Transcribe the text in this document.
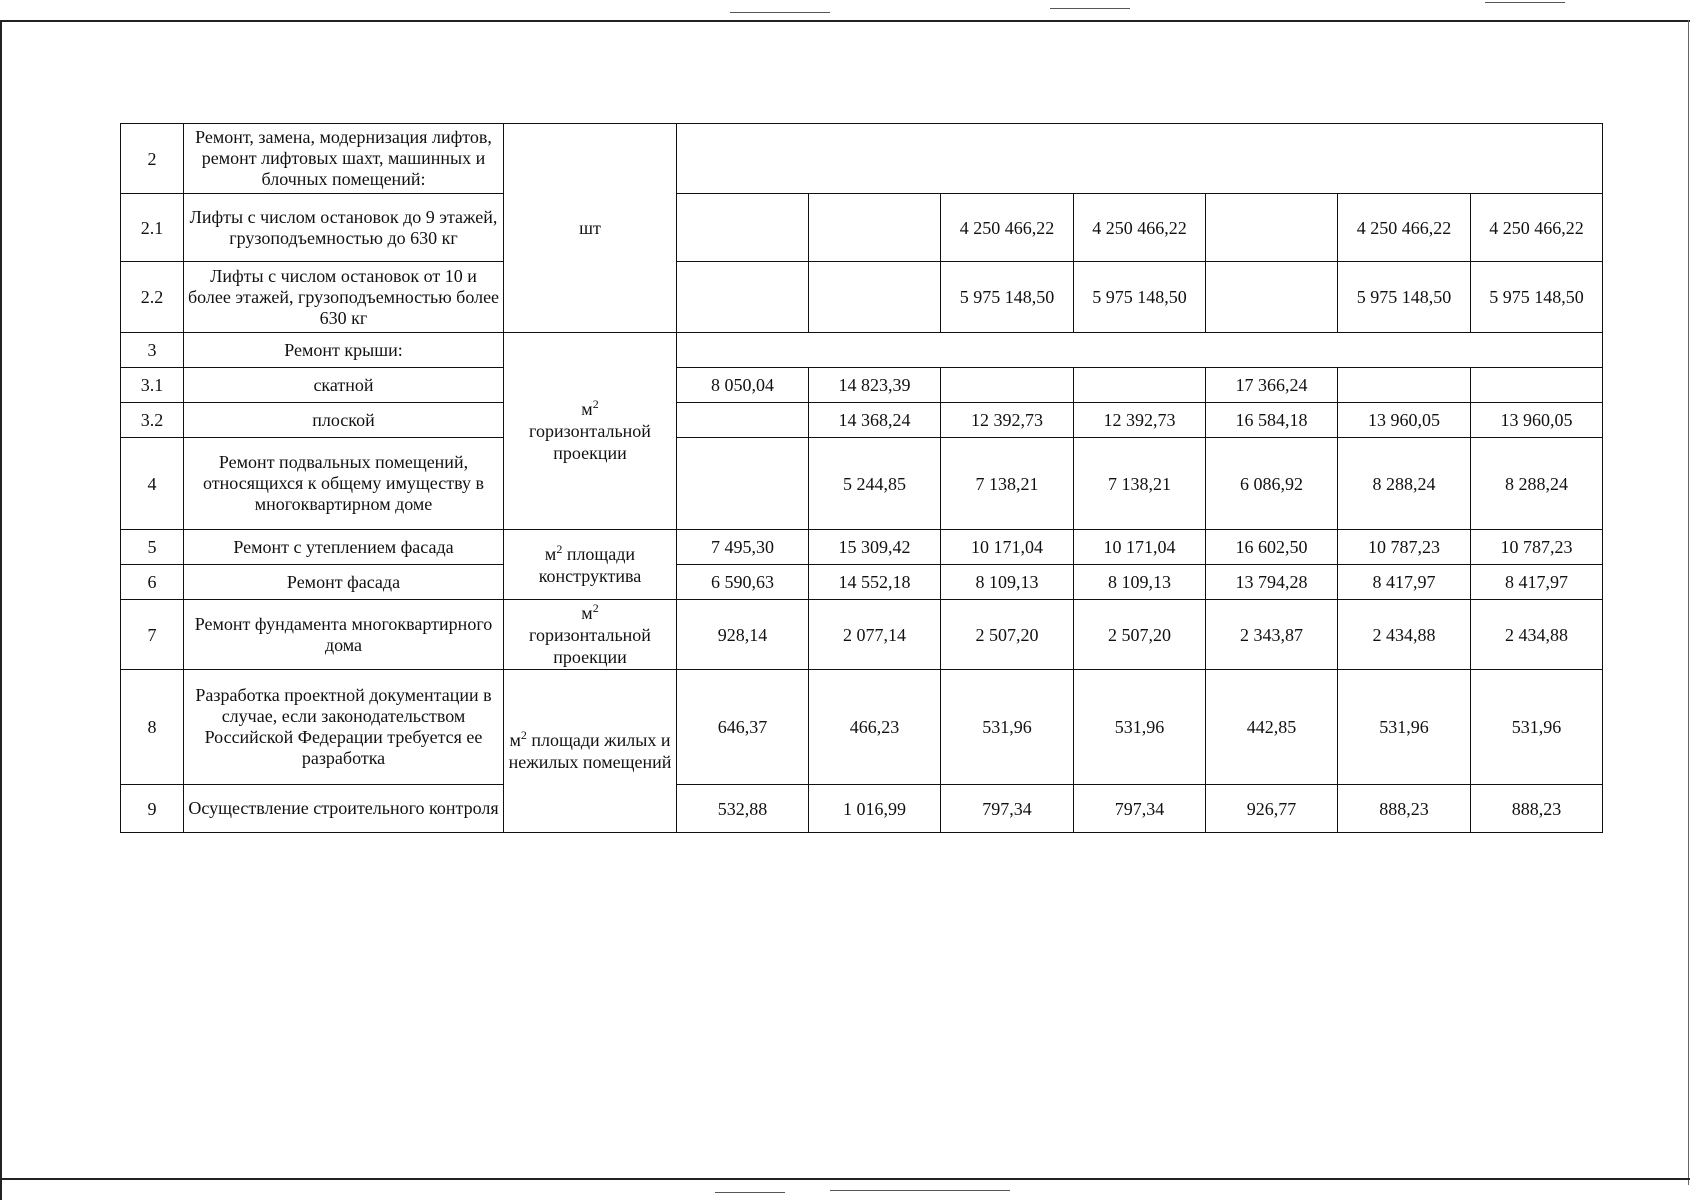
2	Ремонт, замена, модернизация лифтов, ремонт лифтовых шахт, машинных и блочных помещений:	шт							
2.1	Лифты с числом остановок до 9 этажей, грузоподъемностью до 630 кг				4 250 466,22	4 250 466,22		4 250 466,22	4 250 466,22
2.2	Лифты с числом остановок от 10 и более этажей, грузоподъемностью более 630 кг				5 975 148,50	5 975 148,50		5 975 148,50	5 975 148,50
3	Ремонт крыши:	$м^2$
горизонтальной проекции							
3.1	скатной		8 050,04	14 823,39			17 366,24		
3.2	плоской			14 368,24	12 392,73	12 392,73	16 584,18	13 960,05	13 960,05
4	Ремонт подвальных помещений, относящихся к общему имуществу в многоквартирном доме			5 244,85	7 138,21	7 138,21	6 086,92	8 288,24	8 288,24
5	Ремонт с утеплением фасада	$м^2$ площади конструктива	7 495,30	15 309,42	10 171,04	10 171,04	16 602,50	10 787,23	10 787,23
6	Ремонт фасада		6 590,63	14 552,18	8 109,13	8 109,13	13 794,28	8 417,97	8 417,97
7	Ремонт фундамента многоквартирного дома	$м^2$
горизонтальной проекции	928,14	2 077,14	2 507,20	2 507,20	2 343,87	2 434,88	2 434,88
8	Разработка проектной документации в случае, если законодательством Российской Федерации требуется ее разработка	$м^2$ площади жилых и нежилых помещений	646,37	466,23	531,96	531,96	442,85	531,96	531,96
9	Осуществление строительного контроля		532,88	1 016,99	797,34	797,34	926,77	888,23	888,23
